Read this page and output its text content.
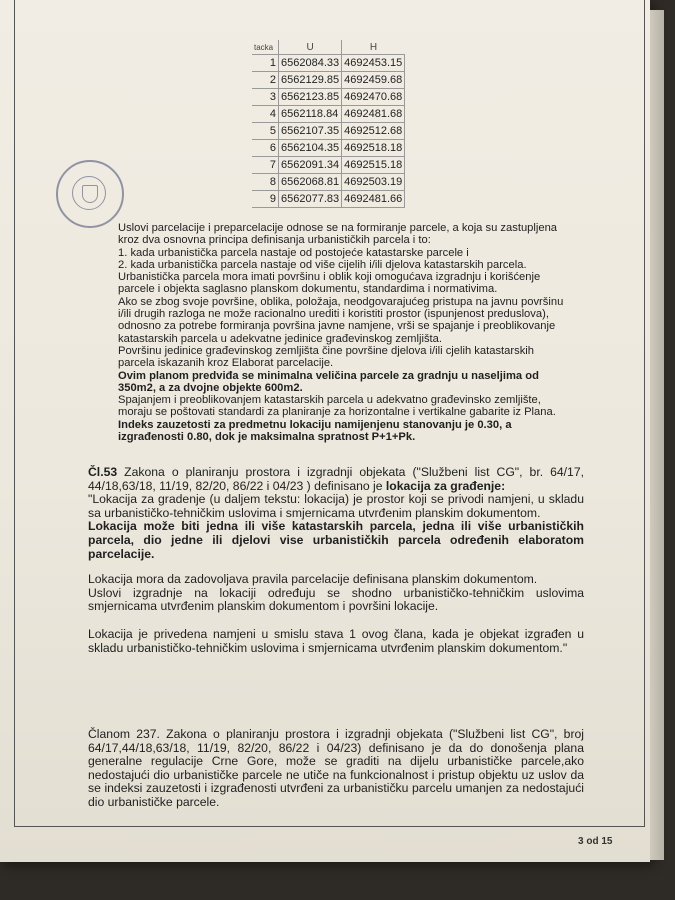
tacka	U	H
1	6562084.33	4692453.15
2	6562129.85	4692459.68
3	6562123.85	4692470.68
4	6562118.84	4692481.68
5	6562107.35	4692512.68
6	6562104.35	4692518.18
7	6562091.34	4692515.18
8	6562068.81	4692503.19
9	6562077.83	4692481.66
Uslovi parcelacije i preparcelacije odnose se na formiranje parcele, a koja su zastupljena
kroz dva osnovna principa definisanja urbanističkih parcela i to:
1. kada urbanistička parcela nastaje od postojeće katastarske parcele i
2. kada urbanistička parcela nastaje od više cijelih i/ili djelova katastarskih parcela.
Urbanistička parcela mora imati površinu i oblik koji omogućava izgradnju i korišćenje
parcele i objekta saglasno planskom dokumentu, standardima i normativima.
Ako se zbog svoje površine, oblika, položaja, neodgovarajućeg pristupa na javnu površinu
i/ili drugih razloga ne može racionalno urediti i koristiti prostor (ispunjenost preduslova),
odnosno za potrebe formiranja površina javne namjene, vrši se spajanje i preoblikovanje
katastarskih parcela u adekvatne jedinice građevinskog zemljišta.
Površinu jedinice građevinskog zemljišta čine površine djelova i/ili cjelih katastarskih
parcela iskazanih kroz Elaborat parcelacije.
Ovim planom predviđa se minimalna veličina parcele za gradnju u naseljima od
350m2, a za dvojne objekte 600m2.
Spajanjem i preoblikovanjem katastarskih parcela u adekvatno građevinsko zemljište,
moraju se poštovati standardi za planiranje za horizontalne i vertikalne gabarite iz Plana.
Indeks zauzetosti za predmetnu lokaciju namijenjenu stanovanju je 0.30, a
izgrađenosti 0.80, dok je maksimalna spratnost P+1+Pk.

Čl.53 Zakona o planiranju prostora i izgradnji objekata ("Službeni list CG", br. 64/17, 44/18,63/18, 11/19, 82/20, 86/22 i 04/23 ) definisano je lokacija za građenje:

"Lokacija za gradenje (u daljem tekstu: lokacija) je prostor koji se privodi namjeni, u skladu sa urbanističko-tehničkim uslovima i smjernicama utvrđenim planskim dokumentom.

Lokacija može biti jedna ili više katastarskih parcela, jedna ili više urbanističkih parcela, dio jedne ili djelovi vise urbanističkih parcela određenih elaboratom parcelacije.

Lokacija mora da zadovoljava pravila parcelacije definisana planskim dokumentom.

Uslovi izgradnje na lokaciji određuju se shodno urbanističko-tehničkim uslovima smjernicama utvrđenim planskim dokumentom i površini lokacije.

Lokacija je privedena namjeni u smislu stava 1 ovog člana, kada je objekat izgrađen u skladu urbanističko-tehničkim uslovima i smjernicama utvrđenim planskim dokumentom."

Članom 237. Zakona o planiranju prostora i izgradnji objekata ("Službeni list CG", broj 64/17,44/18,63/18, 11/19, 82/20, 86/22 i 04/23) definisano je da do donošenja plana generalne regulacije Crne Gore, može se graditi na dijelu urbanističke parcele,ako nedostajući dio urbanističke parcele ne utiče na funkcionalnost i pristup objektu uz uslov da se indeksi zauzetosti i izgrađenosti utvrđeni za urbanističku parcelu umanjen za nedostajući dio urbanističke parcele.

3 od 15
